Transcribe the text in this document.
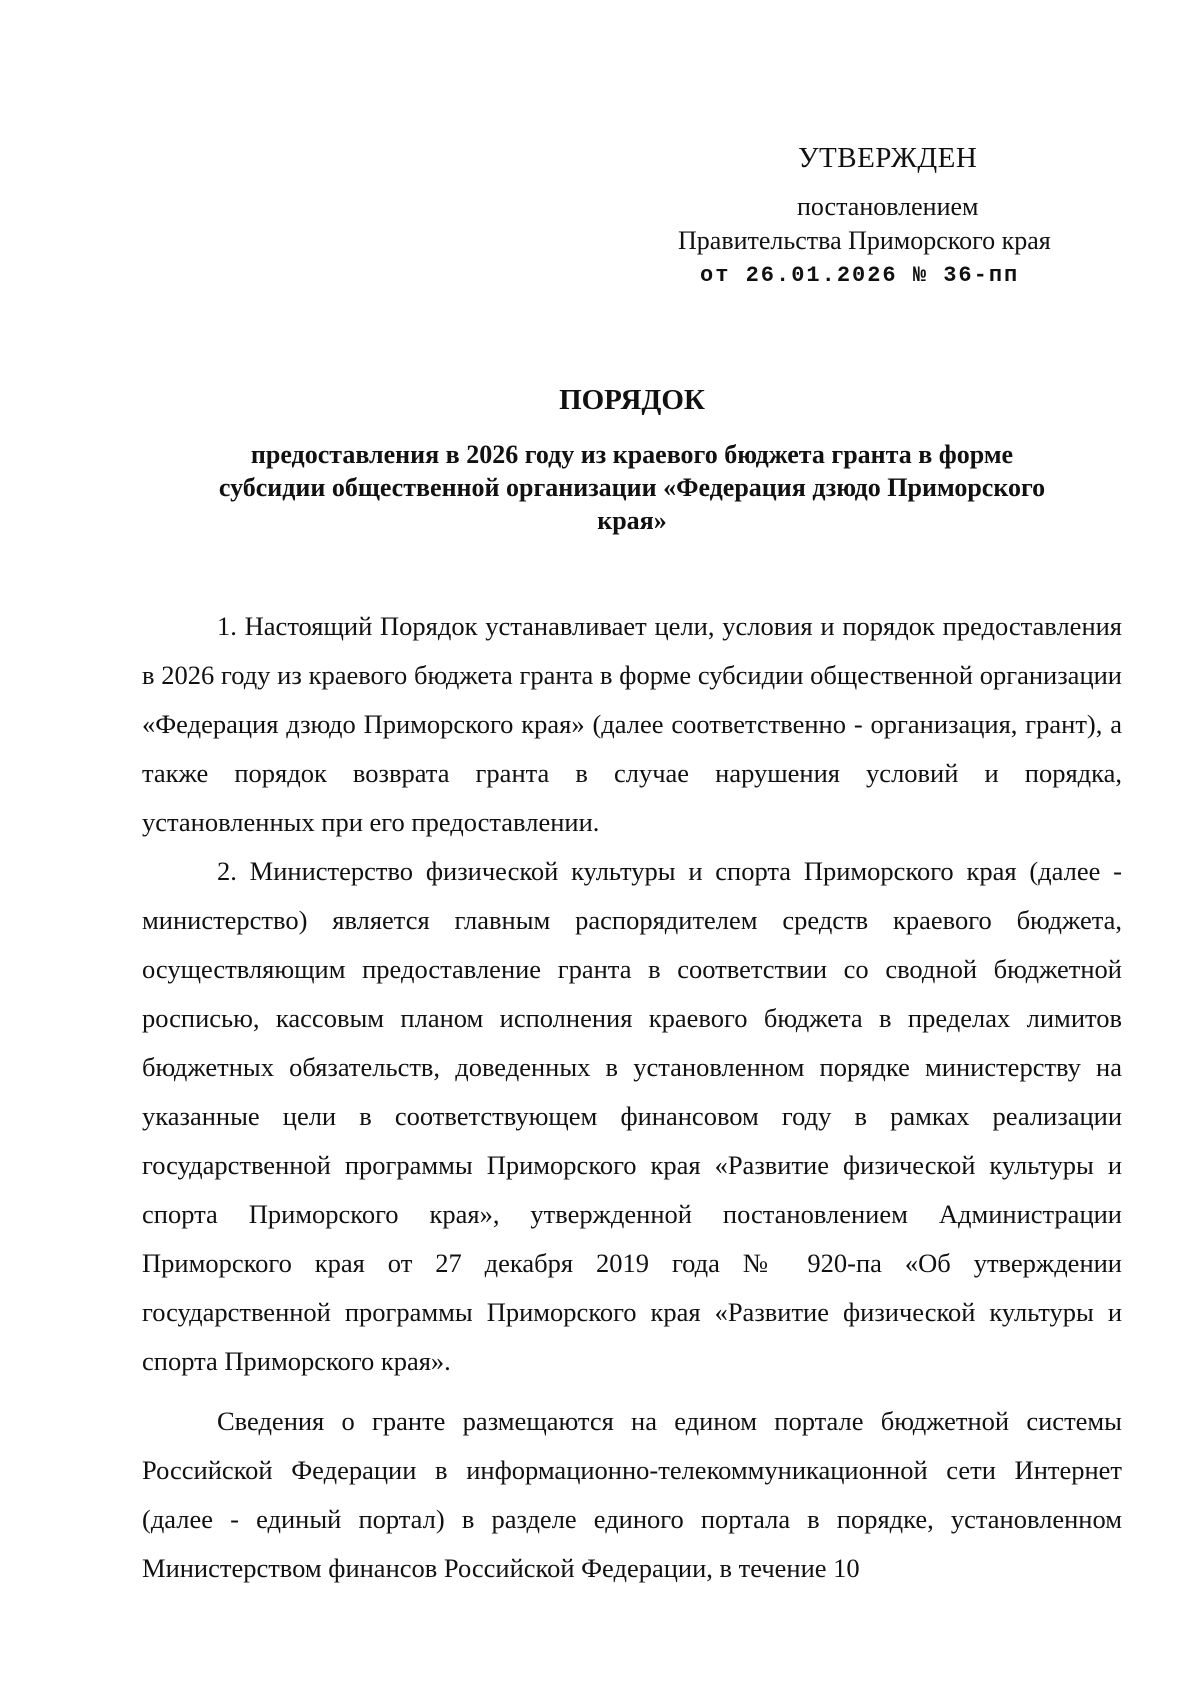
УТВЕРЖДЕН
постановлением
Правительства Приморского края
от 26.01.2026 № 36-пп
ПОРЯДОК
предоставления в 2026 году из краевого бюджета гранта в форме субсидии общественной организации «Федерация дзюдо Приморского края»

1. Настоящий Порядок устанавливает цели, условия и порядок предоставления в 2026 году из краевого бюджета гранта в форме субсидии общественной организации «Федерация дзюдо Приморского края» (далее соответственно - организация, грант), а также порядок возврата гранта в случае нарушения условий и порядка, установленных при его предоставлении.

2. Министерство физической культуры и спорта Приморского края (далее - министерство) является главным распорядителем средств краевого бюджета, осуществляющим предоставление гранта в соответствии со сводной бюджетной росписью, кассовым планом исполнения краевого бюджета в пределах лимитов бюджетных обязательств, доведенных в установленном порядке министерству на указанные цели в соответствующем финансовом году в рамках реализации государственной программы Приморского края «Развитие физической культуры и спорта Приморского края», утвержденной постановлением Администрации Приморского края от 27 декабря 2019 года № 920-па «Об утверждении государственной программы Приморского края «Развитие физической культуры и спорта Приморского края».

Сведения о гранте размещаются на едином портале бюджетной системы Российской Федерации в информационно-телекоммуникационной сети Интернет (далее - единый портал) в разделе единого портала в порядке, установленном Министерством финансов Российской Федерации, в течение 10
